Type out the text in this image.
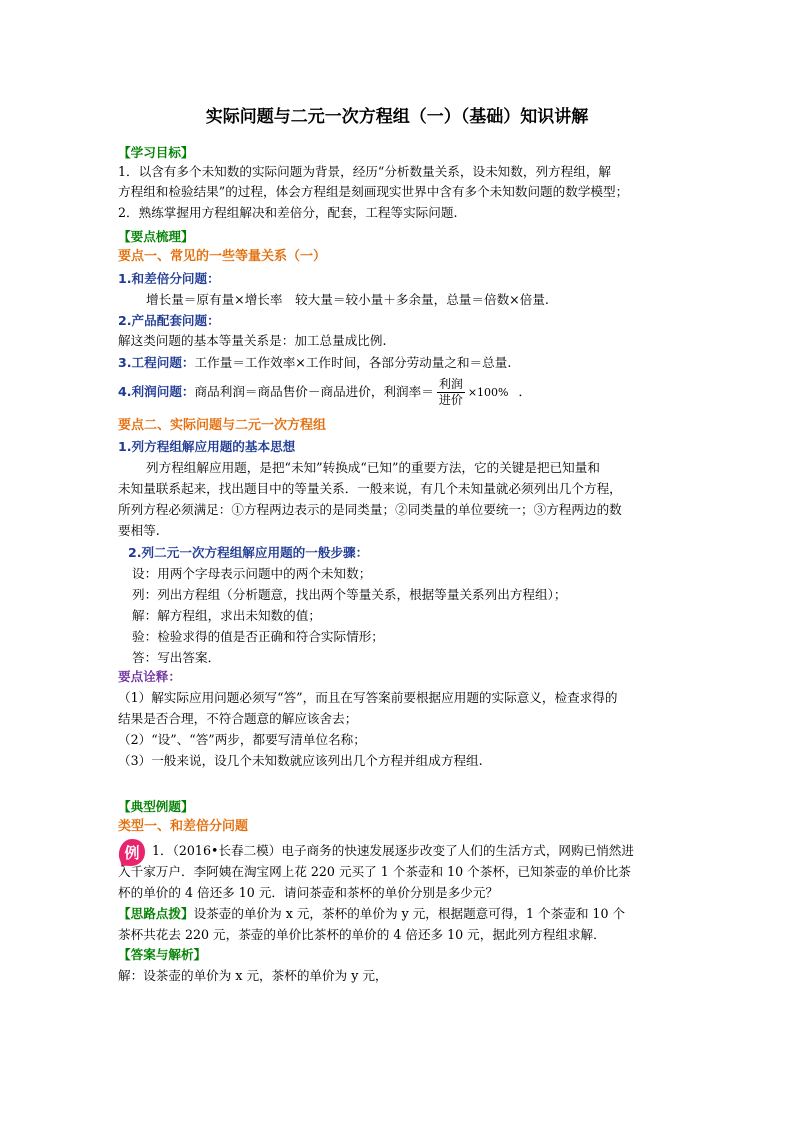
实际问题与二元一次方程组（一）（基础）知识讲解
【学习目标】
1．以含有多个未知数的实际问题为背景，经历“分析数量关系，设未知数，列方程组，解
方程组和检验结果”的过程，体会方程组是刻画现实世界中含有多个未知数问题的数学模型；
2．熟练掌握用方程组解决和差倍分，配套，工程等实际问题.
【要点梳理】
要点一、常见的一些等量关系（一）
1.和差倍分问题：
增长量＝原有量×增长率　较大量＝较小量＋多余量，总量＝倍数×倍量.
2.产品配套问题：
解这类问题的基本等量关系是：加工总量成比例.
3.工程问题：工作量＝工作效率×工作时间，各部分劳动量之和＝总量.
4.利润问题：商品利润＝商品售价－商品进价，利润率＝ $\frac{\text{利润}}{\text{进价}} \times 100\%$ ．
要点二、实际问题与二元一次方程组
1.列方程组解应用题的基本思想
列方程组解应用题，是把“未知”转换成“已知”的重要方法，它的关键是把已知量和
未知量联系起来，找出题目中的等量关系．一般来说，有几个未知量就必须列出几个方程，
所列方程必须满足：①方程两边表示的是同类量；②同类量的单位要统一；③方程两边的数
要相等.
2.列二元一次方程组解应用题的一般步骤：
设：用两个字母表示问题中的两个未知数；
列：列出方程组（分析题意，找出两个等量关系，根据等量关系列出方程组）；
解：解方程组，求出未知数的值；
验：检验求得的值是否正确和符合实际情形；
答：写出答案．
要点诠释：
（1）解实际应用问题必须写“答”，而且在写答案前要根据应用题的实际意义，检查求得的
结果是否合理，不符合题意的解应该舍去；
（2）“设”、“答”两步，都要写清单位名称；
（3）一般来说，设几个未知数就应该列出几个方程并组成方程组.
【典型例题】
类型一、和差倍分问题
例 1．（2016•长春二模）电子商务的快速发展逐步改变了人们的生活方式，网购已悄然进
入千家万户．李阿姨在淘宝网上花 220 元买了 1 个茶壶和 10 个茶杯，已知茶壶的单价比茶
杯的单价的 4 倍还多 10 元．请问茶壶和茶杯的单价分别是多少元？
【思路点拨】设茶壶的单价为 x 元，茶杯的单价为 y 元，根据题意可得，1 个茶壶和 10 个
茶杯共花去 220 元，茶壶的单价比茶杯的单价的 4 倍还多 10 元，据此列方程组求解．
【答案与解析】
解：设茶壶的单价为 x 元，茶杯的单价为 y 元，
